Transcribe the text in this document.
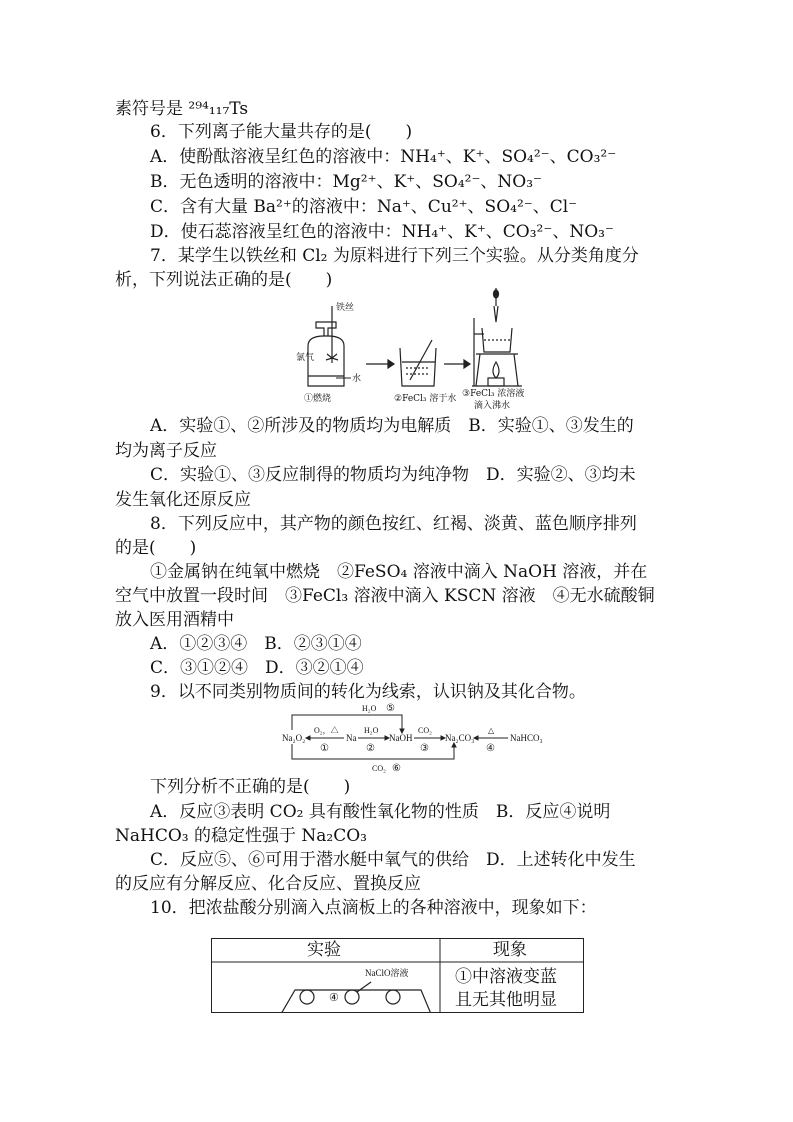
素符号是 ²⁹⁴₁₁₇Ts
6．下列离子能大量共存的是(　　)
A．使酚酞溶液呈红色的溶液中：NH₄⁺、K⁺、SO₄²⁻、CO₃²⁻
B．无色透明的溶液中：Mg²⁺、K⁺、SO₄²⁻、NO₃⁻
C．含有大量 Ba²⁺的溶液中：Na⁺、Cu²⁺、SO₄²⁻、Cl⁻
D．使石蕊溶液呈红色的溶液中：NH₄⁺、K⁺、CO₃²⁻、NO₃⁻
7．某学生以铁丝和 Cl₂ 为原料进行下列三个实验。从分类角度分
析，下列说法正确的是(　　)
A．实验①、②所涉及的物质均为电解质　B．实验①、③发生的
均为离子反应
C．实验①、③反应制得的物质均为纯净物　D．实验②、③均未
发生氧化还原反应
8．下列反应中，其产物的颜色按红、红褐、淡黄、蓝色顺序排列
的是(　　)
①金属钠在纯氧中燃烧　②FeSO₄ 溶液中滴入 NaOH 溶液，并在
空气中放置一段时间　③FeCl₃ 溶液中滴入 KSCN 溶液　④无水硫酸铜
放入医用酒精中
A．①②③④　B．②③①④
C．③①②④　D．③②①④
9．以不同类别物质间的转化为线索，认识钠及其化合物。
下列分析不正确的是(　　)
A．反应③表明 CO₂ 具有酸性氧化物的性质　B．反应④说明
NaHCO₃ 的稳定性强于 Na₂CO₃
C．反应⑤、⑥可用于潜水艇中氧气的供给　D．上述转化中发生
的反应有分解反应、化合反应、置换反应
10．把浓盐酸分别滴入点滴板上的各种溶液中，现象如下：
铁丝
氯气
水
①燃烧	②FeCl₃ 溶于水 ③FeCl₃ 浓溶液
滴入沸水
Na₂O₂	Na	NaOH	Na₂CO₃	NaHCO₃
O₂，△
①
H₂O
②
CO₂
③
△
④
H₂O ⑤
CO₂ ⑥
NaClO溶液
④
实验	现象
①中溶液变蓝
且无其他明显
